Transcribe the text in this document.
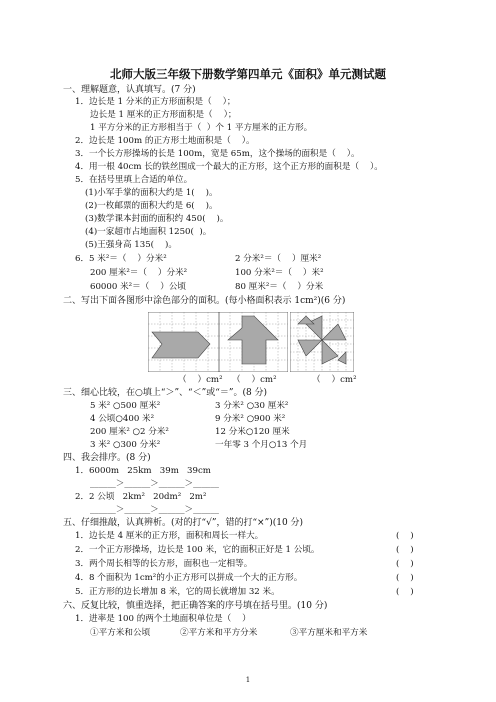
北师大版三年级下册数学第四单元《面积》单元测试题
一、理解题意，认真填写。(7 分)
1．边长是 1 分米的正方形面积是（    ）；
边长是 1 厘米的正方形面积是（    ）；
1 平方分米的正方形相当于（  ）个 1 平方厘米的正方形。
2．边长是 100m 的正方形土地面积是（    ）。
3．一个长方形操场的长是 100m，宽是 65m，这个操场的面积是（    ）。
4．用一根 40cm 长的铁丝围成一个最大的正方形，这个正方形的面积是（    ）。
5．在括号里填上合适的单位。
(1)小军手掌的面积大约是 1(    )。
(2)一枚邮票的面积大约是 6(    )。
(3)数学课本封面的面积约 450(    )。
(4)一家超市占地面积 1250(  )。
(5)王强身高 135(    )。
6．5 米²＝（    ）分米²	2 分米²＝（    ）厘米²
200 厘米²＝（    ）分米²	100 分米²＝（    ）米²
60000 米²＝（    ）公顷	80 厘米²＝（    ）分米
二、写出下面各图形中涂色部分的面积。(每小格面积表示 1cm²)(6 分)
（    ）cm² （    ）cm²	（    ）cm²
三、细心比较，在○填上“＞”、“＜”或“＝”。(8 分)
5 米² ○500 厘米²	3 分米² ○30 厘米²
4 公顷○400 米²	9 分米² ○900 米²
200 厘米² ○2 分米²	12 分米○120 厘米
3 米² ○300 分米²	一年零 3 个月○13 个月
四、我会排序。(8 分)
1．6000m   25km   39m   39cm
______＞______＞______＞______
2．2 公顷   2km²   20dm²   2m²
______＞______＞______＞______
五、仔细推敲，认真辨析。(对的打“√”，错的打“×”)(10 分)
1．边长是 4 厘米的正方形，面积和周长一样大。	(    )
2．一个正方形操场，边长是 100 米，它的面积正好是 1 公顷。	(    )
3．两个周长相等的长方形，面积也一定相等。	(    )
4．8 个面积为 1cm²的小正方形可以拼成一个大的正方形。	(    )
5．正方形的边长增加 8 米，它的周长就增加 32 米。	(    )
六、反复比较，慎重选择，把正确答案的序号填在括号里。(10 分)
1．进率是 100 的两个土地面积单位是（    ）
①平方米和公顷	②平方米和平方分米	③平方厘米和平方米
1
